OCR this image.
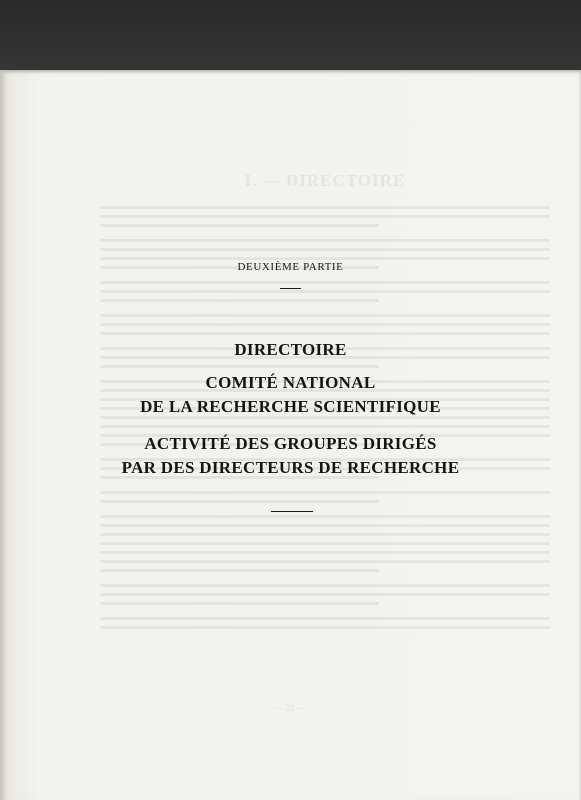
I. — DIRECTOIRE
DEUXIÈME PARTIE
DIRECTOIRE
COMITÉ NATIONAL
DE LA RECHERCHE SCIENTIFIQUE
ACTIVITÉ DES GROUPES DIRIGÉS
PAR DES DIRECTEURS DE RECHERCHE
— 21 —
